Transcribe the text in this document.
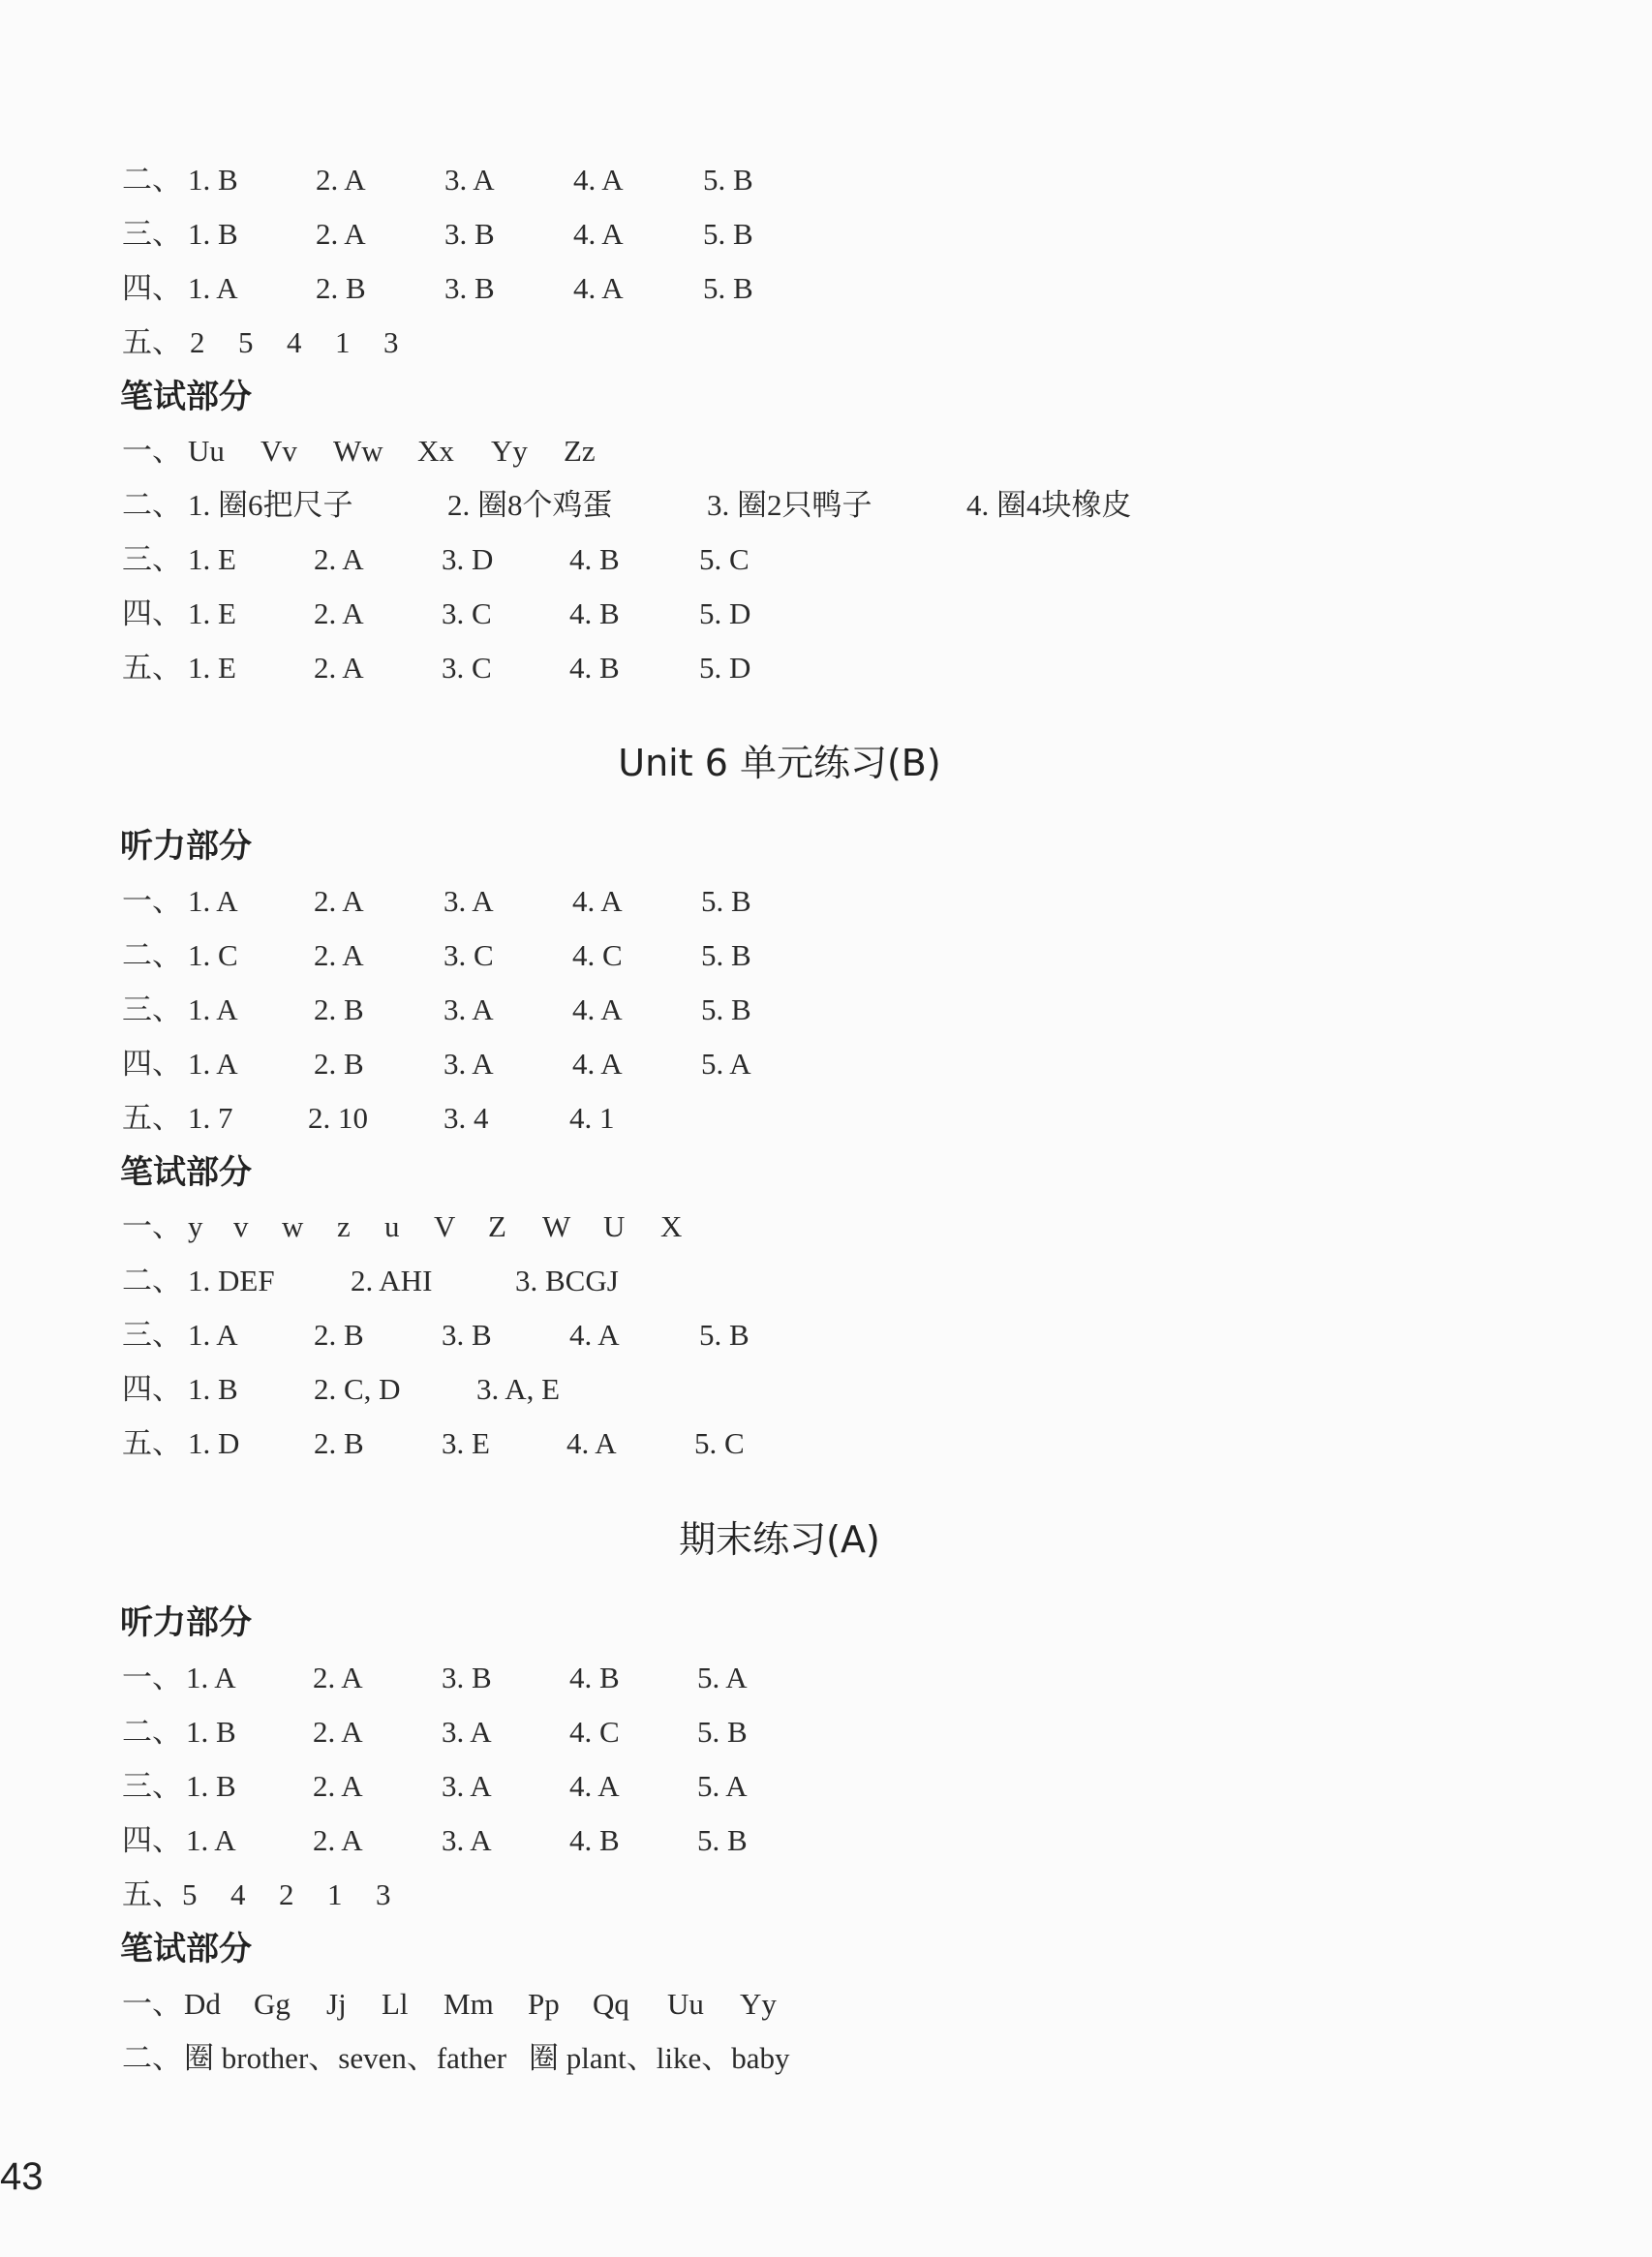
二、 1. B	2. A	3. A	4. A	5. B
三、 1. B	2. A	3. B	4. A	5. B
四、 1. A	2. B	3. B	4. A	5. B
五、 2 5 4 1 3
笔试部分
一、 Uu Vv Ww Xx Yy Zz
二、 1. 圈6把尺子	2. 圈8个鸡蛋	3. 圈2只鸭子	4. 圈4块橡皮
三、 1. E	2. A	3. D	4. B	5. C
四、 1. E	2. A	3. C	4. B	5. D
五、 1. E	2. A	3. C	4. B	5. D
Unit 6 单元练习(B)
听力部分
一、 1. A	2. A	3. A	4. A	5. B
二、 1. C	2. A	3. C	4. C	5. B
三、 1. A	2. B	3. A	4. A	5. B
四、 1. A	2. B	3. A	4. A	5. A
五、 1. 7	2. 10	3. 4	4. 1
笔试部分
一、 y v w z u V Z W U X
二、 1. DEF	2. AHI	3. BCGJ
三、 1. A	2. B	3. B	4. A	5. B
四、 1. B	2. C, D	3. A, E
五、 1. D 2. B	3. E	4. A	5. C
期末练习(A)
听力部分
一、 1. A	2. A	3. B	4. B	5. A
二、 1. B	2. A	3. A	4. C	5. B
三、 1. B	2. A	3. A	4. A	5. A
四、 1. A	2. A	3. A	4. B	5. B
五、 5 4 2 1 3
笔试部分
一、 Dd Gg Jj Ll Mm Pp Qq Uu Yy
二、 圈 brother、seven、father 圈 plant、like、baby
43
